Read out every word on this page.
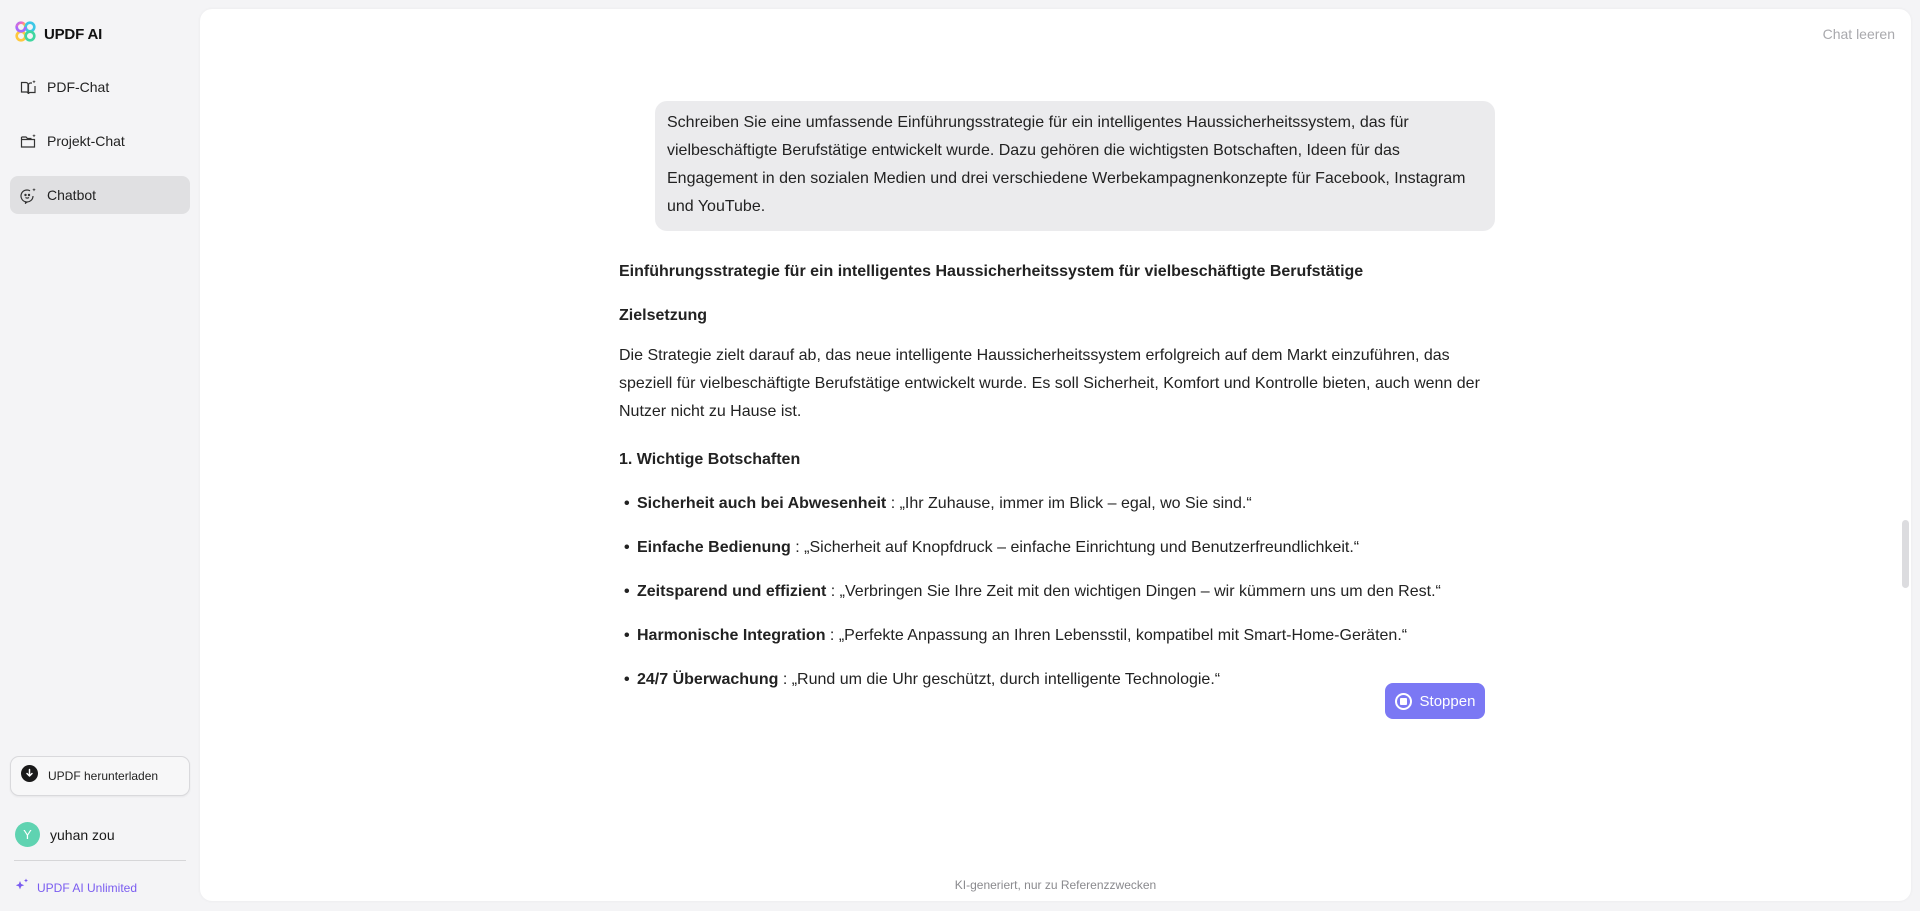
UPDF AI
PDF-Chat
Projekt-Chat
Chatbot
UPDF herunterladen
Y	yuhan zou
UPDF AI Unlimited
Chat leeren
Schreiben Sie eine umfassende Einführungsstrategie für ein intelligentes Haussicherheitssystem, das für vielbeschäftigte Berufstätige entwickelt wurde. Dazu gehören die wichtigsten Botschaften, Ideen für das Engagement in den sozialen Medien und drei verschiedene Werbekampagnenkonzepte für Facebook, Instagram und YouTube.
Einführungsstrategie für ein intelligentes Haussicherheitssystem für vielbeschäftigte Berufstätige
Zielsetzung
Die Strategie zielt darauf ab, das neue intelligente Haussicherheitssystem erfolgreich auf dem Markt einzuführen, das speziell für vielbeschäftigte Berufstätige entwickelt wurde. Es soll Sicherheit, Komfort und Kontrolle bieten, auch wenn der Nutzer nicht zu Hause ist.
1. Wichtige Botschaften
• Sicherheit auch bei Abwesenheit : „Ihr Zuhause, immer im Blick – egal, wo Sie sind.“
• Einfache Bedienung : „Sicherheit auf Knopfdruck – einfache Einrichtung und Benutzerfreundlichkeit.“
• Zeitsparend und effizient : „Verbringen Sie Ihre Zeit mit den wichtigen Dingen – wir kümmern uns um den Rest.“
• Harmonische Integration : „Perfekte Anpassung an Ihren Lebensstil, kompatibel mit Smart-Home-Geräten.“
• 24/7 Überwachung : „Rund um die Uhr geschützt, durch intelligente Technologie.“
Stoppen
KI-generiert, nur zu Referenzzwecken
